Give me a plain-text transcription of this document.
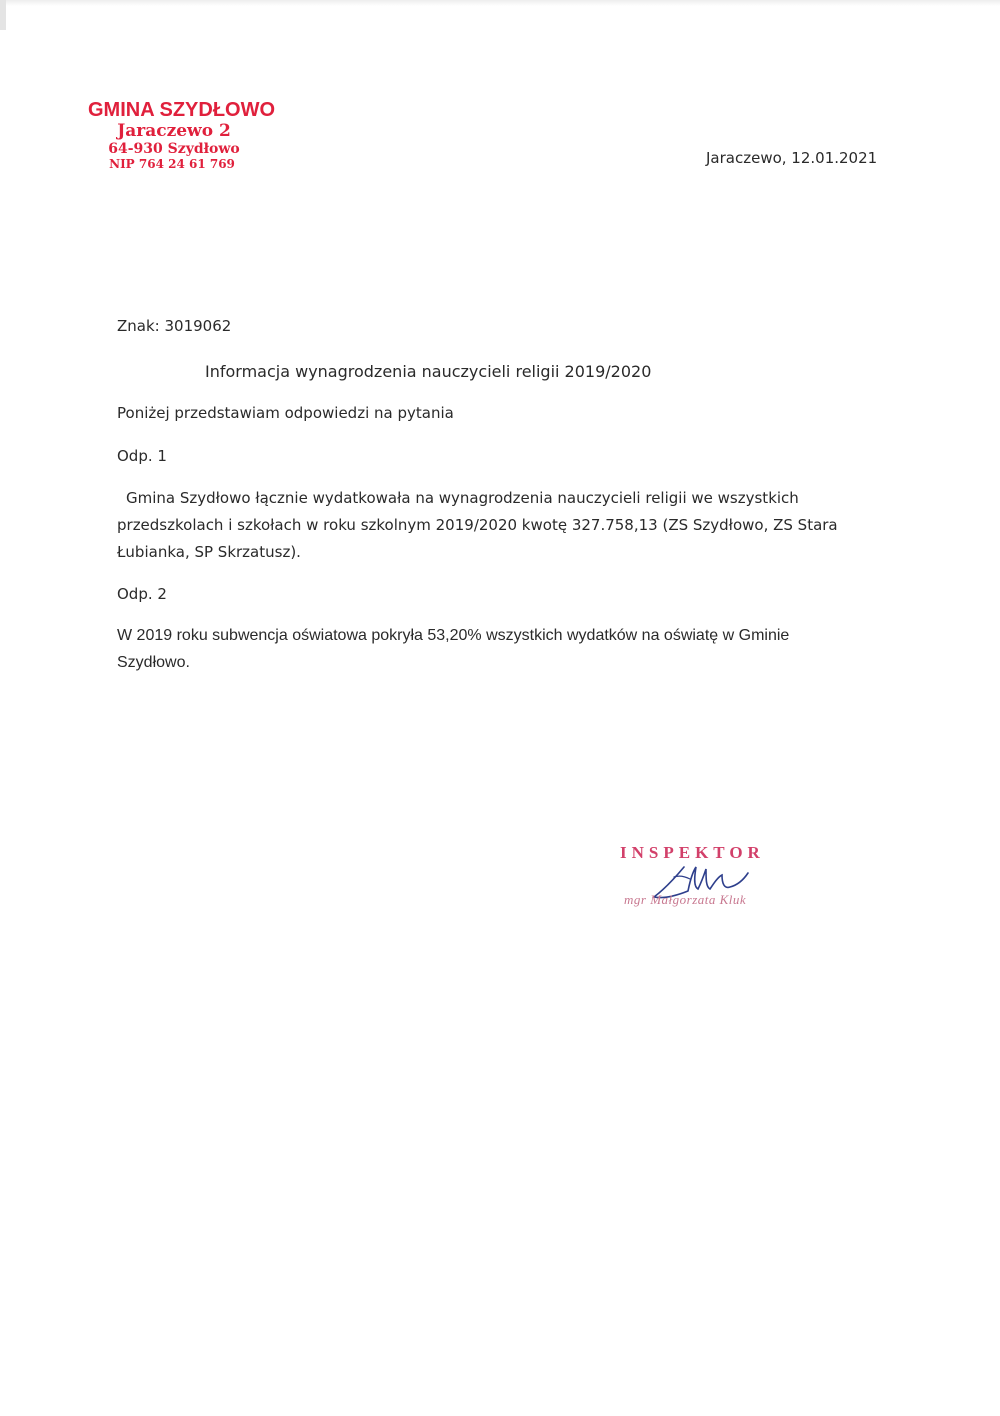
GMINA SZYDŁOWO
Jaraczewo 2
64-930 Szydłowo
NIP 764 24 61 769	Jaraczewo, 12.01.2021

Znak: 3019062

Informacja wynagrodzenia nauczycieli religii 2019/2020

Poniżej przedstawiam odpowiedzi na pytania

Odp. 1

Gmina Szydłowo łącznie wydatkowała na wynagrodzenia nauczycieli religii we wszystkich

przedszkolach i szkołach w roku szkolnym 2019/2020 kwotę 327.758,13 (ZS Szydłowo, ZS Stara

Łubianka, SP Skrzatusz).

Odp. 2

W 2019 roku subwencja oświatowa pokryła 53,20% wszystkich wydatków na oświatę w Gminie

Szydłowo.

INSPEKTOR
mgr Małgorzata Kluk
